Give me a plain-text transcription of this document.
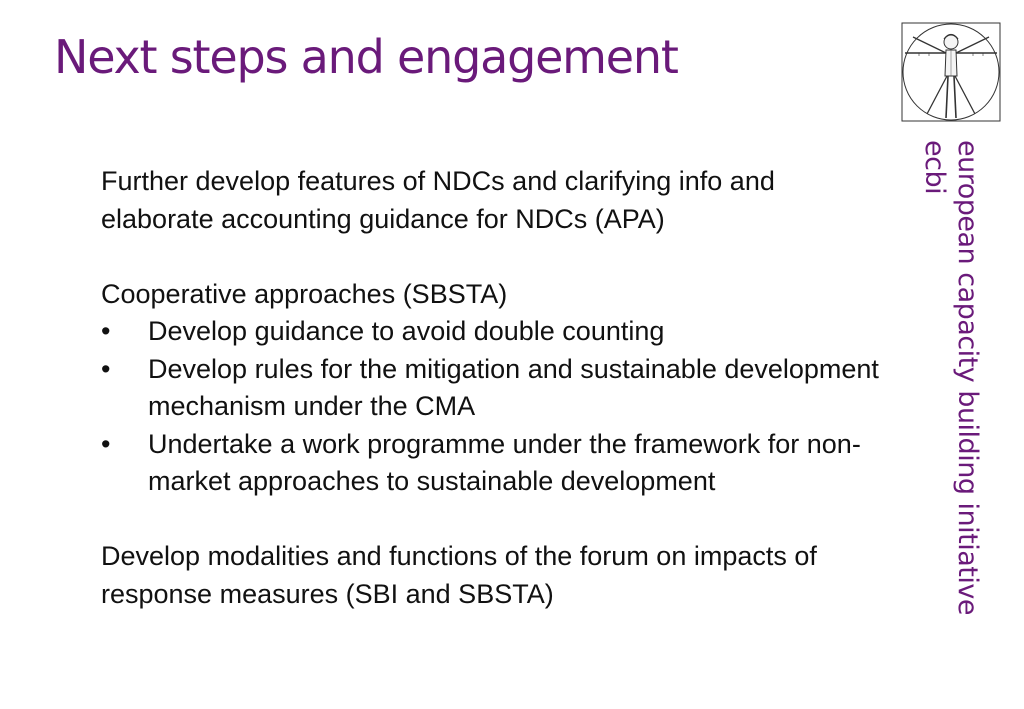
Next steps and engagement

Further develop features of NDCs and clarifying info and elaborate accounting guidance for NDCs (APA)

Cooperative approaches (SBSTA)

• Develop guidance to avoid double counting
• Develop rules for the mitigation and sustainable development mechanism under the CMA
• Undertake a work programme under the framework for non-market approaches to sustainable development

Develop modalities and functions of the forum on impacts of response measures (SBI and SBSTA)	european capacity building initiative
ecbi
